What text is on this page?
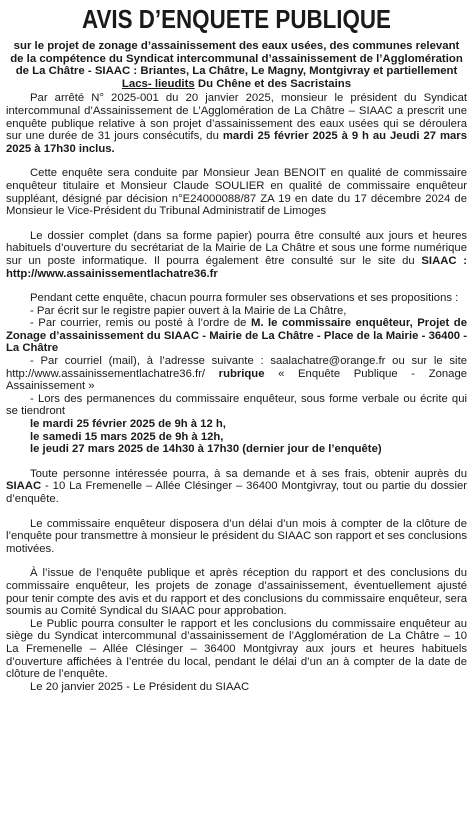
AVIS D’ENQUETE PUBLIQUE
sur le projet de zonage d’assainissement des eaux usées, des communes relevant de la compétence du Syndicat intercommunal d’assainissement de l’Agglomération de La Châtre - SIAAC : Briantes, La Châtre, Le Magny, Montgivray et partiellement Lacs- lieudits Du Chêne et des Sacristains

Par arrêté N° 2025-001 du 20 janvier 2025, monsieur le président du Syndicat intercommunal d’Assainissement de L’Agglomération de La Châtre – SIAAC a prescrit une enquête publique relative à son projet d’assainissement des eaux usées qui se déroulera sur une durée de 31 jours consécutifs, du mardi 25 février 2025 à 9 h au Jeudi 27 mars 2025 à 17h30 inclus.

Cette enquête sera conduite par Monsieur Jean BENOIT en qualité de commissaire enquêteur titulaire et Monsieur Claude SOULIER en qualité de commissaire enquêteur suppléant, désigné par décision n°E24000088/87 ZA 19 en date du 17 décembre 2024 de Monsieur le Vice-Président du Tribunal Administratif de Limoges

Le dossier complet (dans sa forme papier) pourra être consulté aux jours et heures habituels d’ouverture du secrétariat de la Mairie de La Châtre et sous une forme numérique sur un poste informatique. Il pourra également être consulté sur le site du SIAAC : http://www.assainissementlachatre36.fr

Pendant cette enquête, chacun pourra formuler ses observations et ses propositions :

- Par écrit sur le registre papier ouvert à la Mairie de La Châtre,

- Par courrier, remis ou posté à l’ordre de M. le commissaire enquêteur, Projet de Zonage d’assainissement du SIAAC - Mairie de La Châtre - Place de la Mairie - 36400 - La Châtre

- Par courriel (mail), à l’adresse suivante : saalachatre@orange.fr ou sur le site http://www.assainissementlachatre36.fr/ rubrique « Enquête Publique - Zonage Assainissement »

- Lors des permanences du commissaire enquêteur, sous forme verbale ou écrite qui se tiendront

le mardi 25 février 2025 de 9h à 12 h,
le samedi 15 mars 2025 de 9h à 12h,
le jeudi 27 mars 2025 de 14h30 à 17h30 (dernier jour de l’enquête)

Toute personne intéressée pourra, à sa demande et à ses frais, obtenir auprès du SIAAC - 10 La Fremenelle – Allée Clésinger – 36400 Montgivray, tout ou partie du dossier d’enquête.

Le commissaire enquêteur disposera d’un délai d’un mois à compter de la clôture de l’enquête pour transmettre à monsieur le président du SIAAC son rapport et ses conclusions motivées.

À l’issue de l’enquête publique et après réception du rapport et des conclusions du commissaire enquêteur, les projets de zonage d’assainissement, éventuellement ajusté pour tenir compte des avis et du rapport et des conclusions du commissaire enquêteur, sera soumis au Comité Syndical du SIAAC pour approbation.

Le Public pourra consulter le rapport et les conclusions du commissaire enquêteur au siège du Syndicat intercommunal d’assainissement de l’Agglomération de La Châtre – 10 La Fremenelle – Allée Clésinger – 36400 Montgivray aux jours et heures habituels d’ouverture affichées à l’entrée du local, pendant le délai d’un an à compter de la date de clôture de l’enquête.

Le 20 janvier 2025 - Le Président du SIAAC
